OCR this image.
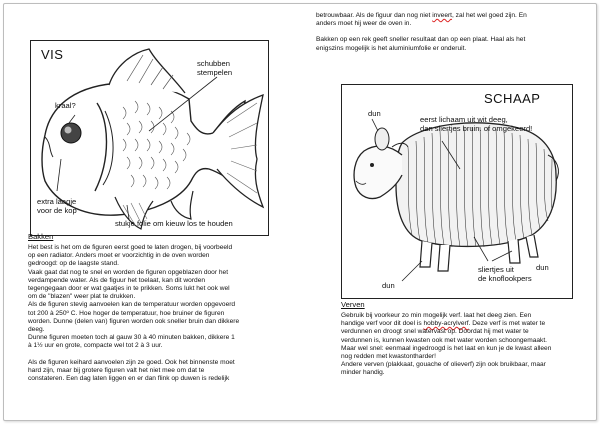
VIS
schubben
stempelen
kraal?
extra laagje
voor de kop
stukje folie om kieuw los te houden
Bakken

Het best is het om de figuren eerst goed te laten drogen, bij voorbeeld

op een radiator. Anders moet er voorzichtig in de oven worden

gedroogd: op de laagste stand.

Vaak gaat dat nog te snel en worden de figuren opgeblazen door het

verdampende water. Als de figuur het toelaat, kan dit worden

tegengegaan door er wat gaatjes in te prikken. Soms lukt het ook wel

om de "blazen" weer plat te drukken.

Als de figuren stevig aanvoelen kan de temperatuur worden opgevoerd

tot 200 à 250º C. Hoe hoger de temperatuur, hoe bruiner de figuren

worden. Dunne (delen van) figuren worden ook sneller bruin dan dikkere

deeg.

Dunne figuren moeten toch al gauw 30 à 40 minuten bakken, dikkere 1

à 1½ uur en grote, compacte wel tot 2 à 3 uur.

Als de figuren keihard aanvoelen zijn ze goed. Ook het binnenste moet

hard zijn, maar bij grotere figuren valt het niet mee om dat te

constateren. Een dag laten liggen en er dan flink op duwen is redelijk

betrouwbaar. Als de figuur dan nog niet inveert, zal het wel goed zijn. En

anders moet hij weer de oven in.

Bakken op een rek geeft sneller resultaat dan op een plaat. Haal als het

enigszins mogelijk is het aluminiumfolie er onderuit.

SCHAAP
dun
eerst lichaam uit wit deeg,
dan sliertjes bruin. of omgekeerd!
dun
sliertjes uit
de knoflookpers
dun
Verven

Gebruik bij voorkeur zo min mogelijk verf. laat het deeg zien. Een

handige verf voor dit doel is hobby-acrylverf. Deze verf is met water te

verdunnen en droogt snel watervast op. Doordat hij met water te

verdunnen is, kunnen kwasten ook met water worden schoongemaakt.

Maar wel snel: eenmaal ingedroogd is het laat en kun je de kwast alleen

nog redden met kwastontharder!

Andere verven (plakkaat, gouache of olieverf) zijn ook bruikbaar, maar

minder handig.
